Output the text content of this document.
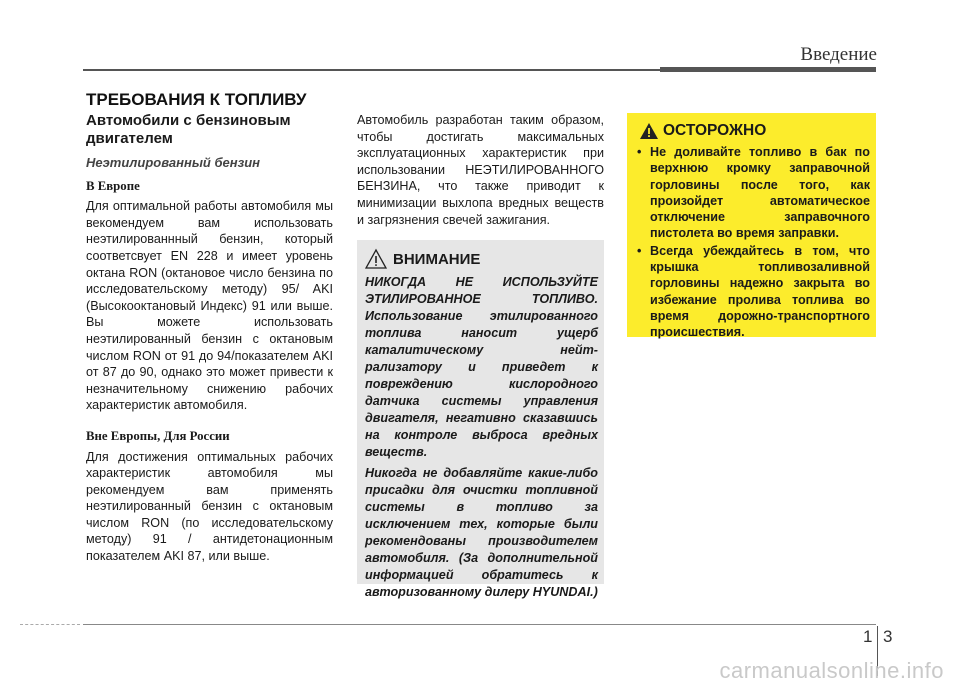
Введение
ТРЕБОВАНИЯ К ТОПЛИВУ
Автомобили с бензиновым двигателем
Неэтилированный бензин
В Европе

Для оптимальной работы автомобиля мы векомендуем вам использовать неэтилированнный бензин, который соответсвует EN 228 и имеет уровень октана RON (октановое число бензина по исследовательскому методу) 95/ AKI (Высокооктановый Индекс) 91 или выше. Вы можете использовать неэтилированный бензин с октановым числом RON от 91 до 94/показателем AKI от 87 до 90, однако это может привести к незначительному снижению рабочих характеристик автомобиля.

Вне Европы, Для России

Для достижения оптимальных рабочих характеристик автомобиля мы рекомендуем вам применять неэтилированный бензин с октановым числом RON (по исследовательскому методу) 91 / антидетонационным показателем AKI 87, или выше.

Автомобиль разработан таким образом, чтобы достигать максимальных эксплуатационных характеристик при использовании НЕЭТИЛИРОВАННОГО БЕНЗИНА, что также приводит к минимизации выхлопа вредных веществ и загрязнения свечей зажигания.

ВНИМАНИЕ

НИКОГДА НЕ ИСПОЛЬЗУЙТЕ ЭТИЛИРОВАННОЕ ТОПЛИВО. Использование этилированного топлива наносит ущерб каталитическому нейт-рализатору и приведет к повреждению кислородного датчика системы управления двигателя, негативно сказавшись на контроле выброса вредных веществ.

Никогда не добавляйте какие-либо присадки для очистки топливной системы в топливо за исключением тех, которые были рекомендованы производителем автомобиля. (За дополнительной информацией обратитесь к авторизованному дилеру HYUNDAI.)

ОСТОРОЖНО
• Не доливайте топливо в бак по верхнюю кромку заправочной горловины после того, как произойдет автоматическое отключение заправочного пистолета во время заправки.
• Всегда убеждайтесь в том, что крышка топливозаливной горловины надежно закрыта во избежание пролива топлива во время дорожно-транспортного происшествия.
1 3
carmanualsonline.info
